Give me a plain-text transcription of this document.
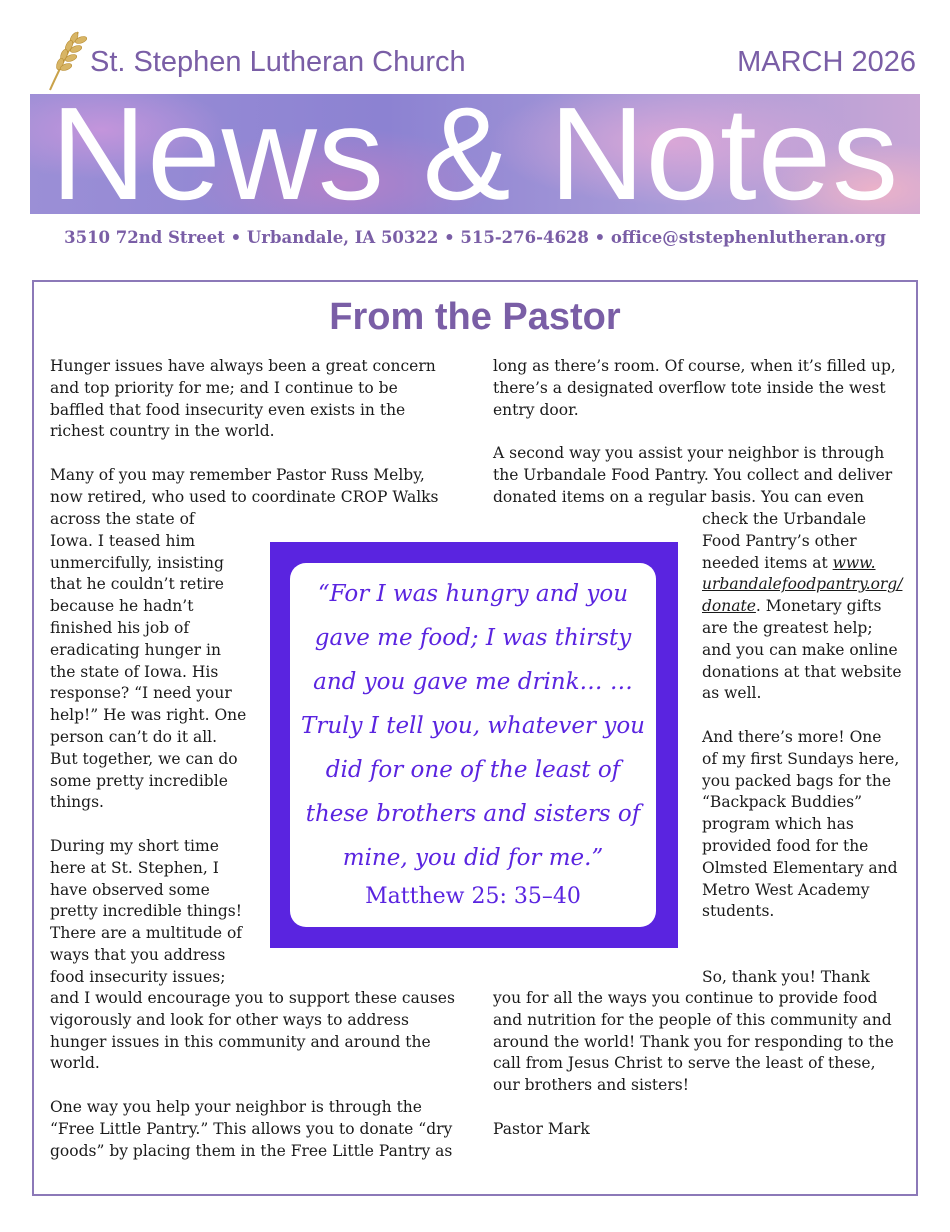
St. Stephen Lutheran Church	MARCH 2026
News & Notes
3510 72nd Street • Urbandale, IA 50322 • 515-276-4628 • office@ststephenlutheran.org
From the Pastor
Hunger issues have always been a great concern
and top priority for me; and I continue to be
baffled that food insecurity even exists in the
richest country in the world.
Many of you may remember Pastor Russ Melby,
now retired, who used to coordinate CROP Walks
across the state of
Iowa. I teased him
unmercifully, insisting
that he couldn’t retire
because he hadn’t
finished his job of
eradicating hunger in
the state of Iowa. His
response? “I need your
help!” He was right. One
person can’t do it all.
But together, we can do
some pretty incredible
things.
During my short time
here at St. Stephen, I
have observed some
pretty incredible things!
There are a multitude of
ways that you address
food insecurity issues;
and I would encourage you to support these causes
vigorously and look for other ways to address
hunger issues in this community and around the
world.
One way you help your neighbor is through the
“Free Little Pantry.” This allows you to donate “dry
goods” by placing them in the Free Little Pantry as
long as there’s room. Of course, when it’s filled up,
there’s a designated overflow tote inside the west
entry door.
A second way you assist your neighbor is through
the Urbandale Food Pantry. You collect and deliver
donated items on a regular basis. You can even
check the Urbandale
Food Pantry’s other
needed items at www.
urbandalefoodpantry.org/
donate. Monetary gifts
are the greatest help;
and you can make online
donations at that website
as well.
And there’s more! One
of my first Sundays here,
you packed bags for the
“Backpack Buddies”
program which has
provided food for the
Olmsted Elementary and
Metro West Academy
students.
So, thank you! Thank
you for all the ways you continue to provide food
and nutrition for the people of this community and
around the world! Thank you for responding to the
call from Jesus Christ to serve the least of these,
our brothers and sisters!
Pastor Mark
“For I was hungry and you
gave me food; I was thirsty
and you gave me drink… …
Truly I tell you, whatever you
did for one of the least of
these brothers and sisters of
mine, you did for me.”
Matthew 25: 35–40
